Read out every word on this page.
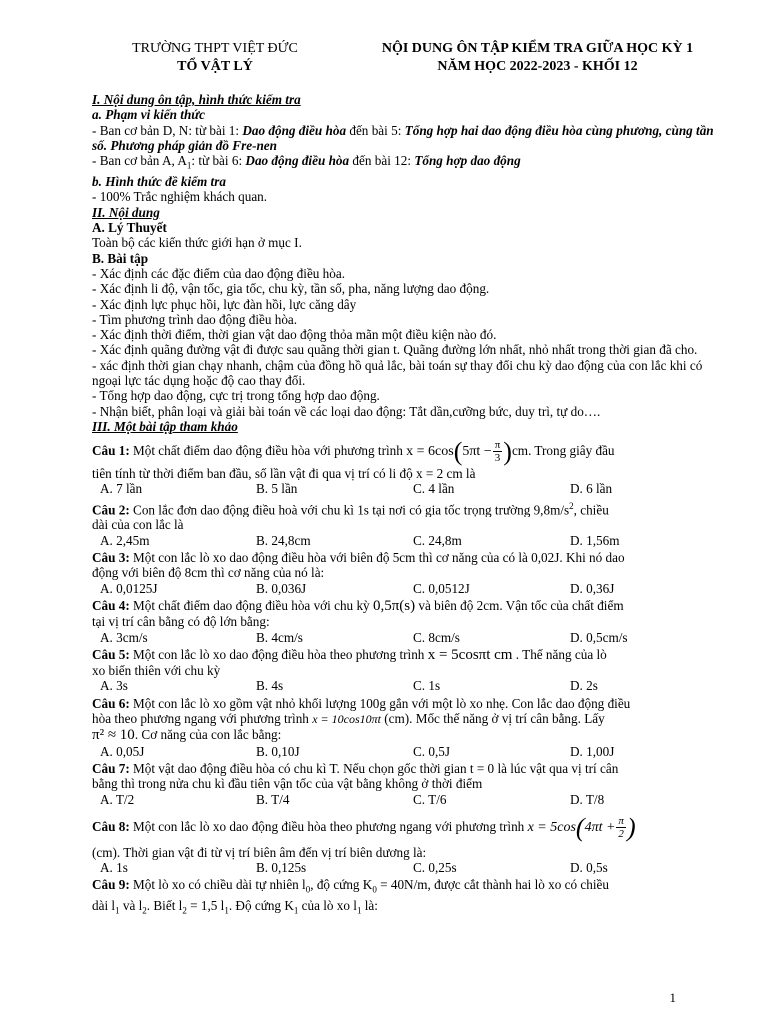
TRƯỜNG THPT VIỆT ĐỨC
TỔ VẬT LÝ
NỘI DUNG ÔN TẬP KIỂM TRA GIỮA HỌC KỲ 1
NĂM HỌC 2022-2023 - KHỐI 12
I. Nội dung ôn tập, hình thức kiểm tra
a. Phạm vi kiến thức
- Ban cơ bản D, N: từ bài 1: Dao động điều hòa đến bài 5: Tổng hợp hai dao động điều hòa cùng phương, cùng tần số. Phương pháp giản đồ Fre-nen
- Ban cơ bản A, $A_1$: từ bài 6: Dao động điều hòa đến bài 12: Tổng hợp dao động
b. Hình thức đề kiểm tra
- 100% Trắc nghiệm khách quan.
II. Nội dung
A. Lý Thuyết
Toàn bộ các kiến thức giới hạn ở mục I.
B. Bài tập
- Xác định các đặc điểm của dao động điều hòa.
- Xác định li độ, vận tốc, gia tốc, chu kỳ, tần số, pha, năng lượng dao động.
- Xác định lực phục hồi, lực đàn hồi, lực căng dây
- Tìm phương trình dao động điều hòa.
- Xác định thời điểm, thời gian vật dao động thỏa mãn một điều kiện nào đó.
- Xác định quãng đường vật đi được sau quãng thời gian t. Quãng đường lớn nhất, nhỏ nhất trong thời gian đã cho.
- xác định thời gian chạy nhanh, chậm của đồng hồ quả lắc, bài toán sự thay đổi chu kỳ dao động của con lắc khi có ngoại lực tác dụng hoặc độ cao thay đổi.
- Tổng hợp dao động, cực trị trong tổng hợp dao động.
- Nhận biết, phân loại và giải bài toán về các loại dao động: Tắt dần,cưỡng bức, duy trì, tự do….
III. Một bài tập tham khảo
Câu 1: Một chất điểm dao động điều hòa với phương trình $x = 6\cos(5\pi t - \frac{\pi}{3} )cm$. Trong giây đầu
tiên tính từ thời điểm ban đầu, số lần vật đi qua vị trí có li độ x = 2 cm là
A. 7 lần	B. 5 lần	C. 4 lần	D. 6 lần
Câu 2: Con lắc đơn dao động điều hoà với chu kì 1s tại nơi có gia tốc trọng trường $9,8m/s^2$, chiều
dài của con lắc là
A. 2,45m	B. 24,8cm	C. 24,8m	D. 1,56m
Câu 3: Một con lắc lò xo dao động điều hòa với biên độ 5cm thì cơ năng của có là 0,02J. Khi nó dao
động với biên độ 8cm thì cơ năng của nó là:
A. 0,0125J	B. 0,036J	C. 0,0512J	D. 0,36J
Câu 4: Một chất điểm dao động điều hòa với chu kỳ 0,5π(s) và biên độ 2cm. Vận tốc của chất điểm
tại vị trí cân bằng có độ lớn bằng:
A. 3cm/s	B. 4cm/s	C. 8cm/s	D. 0,5cm/s
Câu 5: Một con lắc lò xo dao động điều hòa theo phương trình x = 5cosπt cm . Thế năng của lò
xo biến thiên với chu kỳ
A. 3s	B. 4s	C. 1s	D. 2s
Câu 6: Một con lắc lò xo gồm vật nhỏ khối lượng 100g gắn với một lò xo nhẹ. Con lắc dao động điều
hòa theo phương ngang với phương trình x = 10cos10πt (cm). Mốc thế năng ở vị trí cân bằng. Lấy
π² ≈ 10. Cơ năng của con lắc bằng:
A. 0,05J	B. 0,10J	C. 0,5J	D. 1,00J
Câu 7: Một vật dao động điều hòa có chu kì T. Nếu chọn gốc thời gian t = 0 là lúc vật qua vị trí cân
bằng thì trong nửa chu kì đầu tiên vận tốc của vật bằng không ở thời điểm
A. T/2	B. T/4	C. T/6	D. T/8
Câu 8: Một con lắc lò xo dao động điều hòa theo phương ngang với phương trình $x = 5\cos(4\pi t + \frac{\pi}{2}$ )
(cm). Thời gian vật đi từ vị trí biên âm đến vị trí biên dương là:
A. 1s	B. 0,125s	C. 0,25s	D. 0,5s
Câu 9: Một lò xo có chiều dài tự nhiên $l_0$, độ cứng $K_0 = 40N/m$, được cắt thành hai lò xo có chiều
dài $l_1$ và $l_2$. Biết $l_2 = 1,5$ $l_1$. Độ cứng $K_1$ của lò xo $l_1$ là:
1
